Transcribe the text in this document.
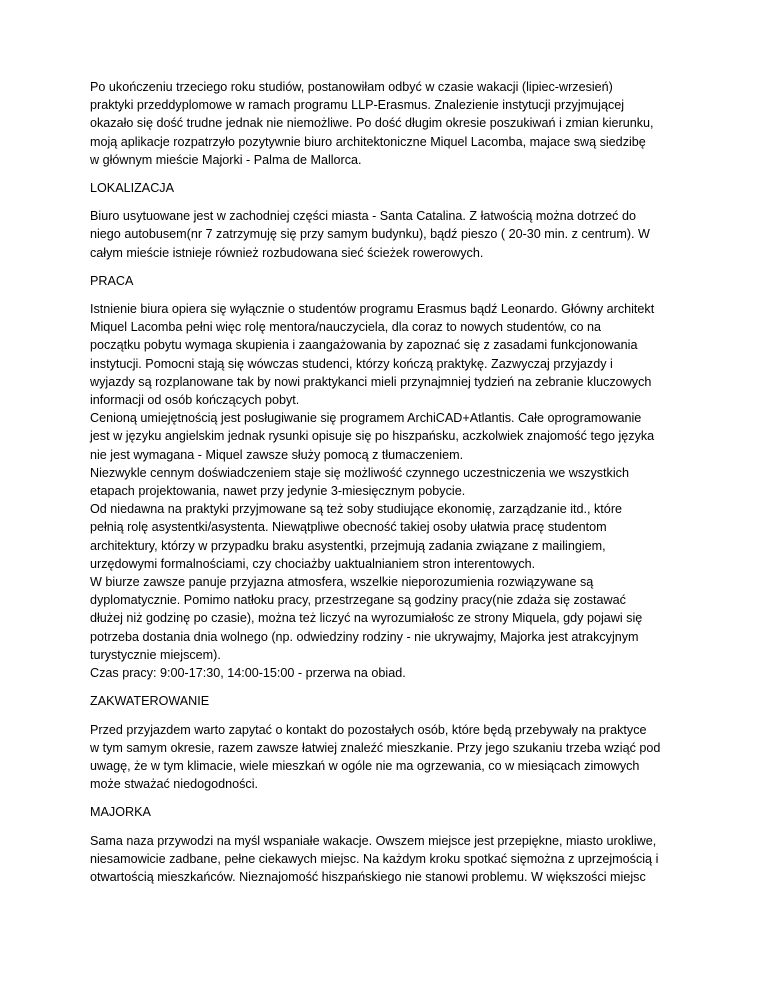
Po ukończeniu trzeciego roku studiów, postanowiłam odbyć w czasie wakacji (lipiec-wrzesień)
praktyki przeddyplomowe w ramach programu LLP-Erasmus. Znalezienie instytucji przyjmującej
okazało się dość trudne jednak nie niemożliwe. Po dość długim okresie poszukiwań i zmian kierunku,
moją aplikacje rozpatrzyło pozytywnie biuro architektoniczne Miquel Lacomba, majace swą siedzibę
w głównym mieście Majorki - Palma de Mallorca.
LOKALIZACJA
Biuro usytuowane jest w zachodniej części miasta - Santa Catalina. Z łatwością można dotrzeć do
niego autobusem(nr 7 zatrzymuję się przy samym budynku), bądź pieszo ( 20-30 min. z centrum). W
całym mieście istnieje również rozbudowana sieć ścieżek rowerowych.
PRACA
Istnienie biura opiera się wyłącznie o studentów programu Erasmus bądź Leonardo. Główny architekt
Miquel Lacomba pełni więc rolę mentora/nauczyciela, dla coraz to nowych studentów, co na
początku pobytu wymaga skupienia i zaangażowania by zapoznać się z zasadami funkcjonowania
instytucji. Pomocni stają się wówczas studenci, którzy kończą praktykę. Zazwyczaj przyjazdy i
wyjazdy są rozplanowane tak by nowi praktykanci mieli przynajmniej tydzień na zebranie kluczowych
informacji od osób kończących pobyt.
Cenioną umiejętnością jest posługiwanie się programem ArchiCAD+Atlantis. Całe oprogramowanie
jest w języku angielskim jednak rysunki opisuje się po hiszpańsku, aczkolwiek znajomość tego języka
nie jest wymagana - Miquel zawsze służy pomocą z tłumaczeniem.
Niezwykle cennym doświadczeniem staje się możliwość czynnego uczestniczenia we wszystkich
etapach projektowania, nawet przy jedynie 3-miesięcznym pobycie.
Od niedawna na praktyki przyjmowane są też soby studiujące ekonomię, zarządzanie itd., które
pełnią rolę asystentki/asystenta. Niewątpliwe obecność takiej osoby ułatwia pracę studentom
architektury, którzy w przypadku braku asystentki, przejmują zadania związane z mailingiem,
urzędowymi formalnościami, czy chociażby uaktualnianiem stron interentowych.
W biurze zawsze panuje przyjazna atmosfera, wszelkie nieporozumienia rozwiązywane są
dyplomatycznie. Pomimo natłoku pracy, przestrzegane są godziny pracy(nie zdaża się zostawać
dłużej niż godzinę po czasie), można też liczyć na wyrozumiałośc ze strony Miquela, gdy pojawi się
potrzeba dostania dnia wolnego (np. odwiedziny rodziny - nie ukrywajmy, Majorka jest atrakcyjnym
turystycznie miejscem).
Czas pracy: 9:00-17:30, 14:00-15:00 - przerwa na obiad.
ZAKWATEROWANIE
Przed przyjazdem warto zapytać o kontakt do pozostałych osób, które będą przebywały na praktyce
w tym samym okresie, razem zawsze łatwiej znaleźć mieszkanie. Przy jego szukaniu trzeba wziąć pod
uwagę, że w tym klimacie, wiele mieszkań w ogóle nie ma ogrzewania, co w miesiącach zimowych
może stważać niedogodności.
MAJORKA
Sama naza przywodzi na myśl wspaniałe wakacje. Owszem miejsce jest przepiękne, miasto urokliwe,
niesamowicie zadbane, pełne ciekawych miejsc. Na każdym kroku spotkać sięmożna z uprzejmością i
otwartością mieszkańców. Nieznajomość hiszpańskiego nie stanowi problemu. W większości miejsc
